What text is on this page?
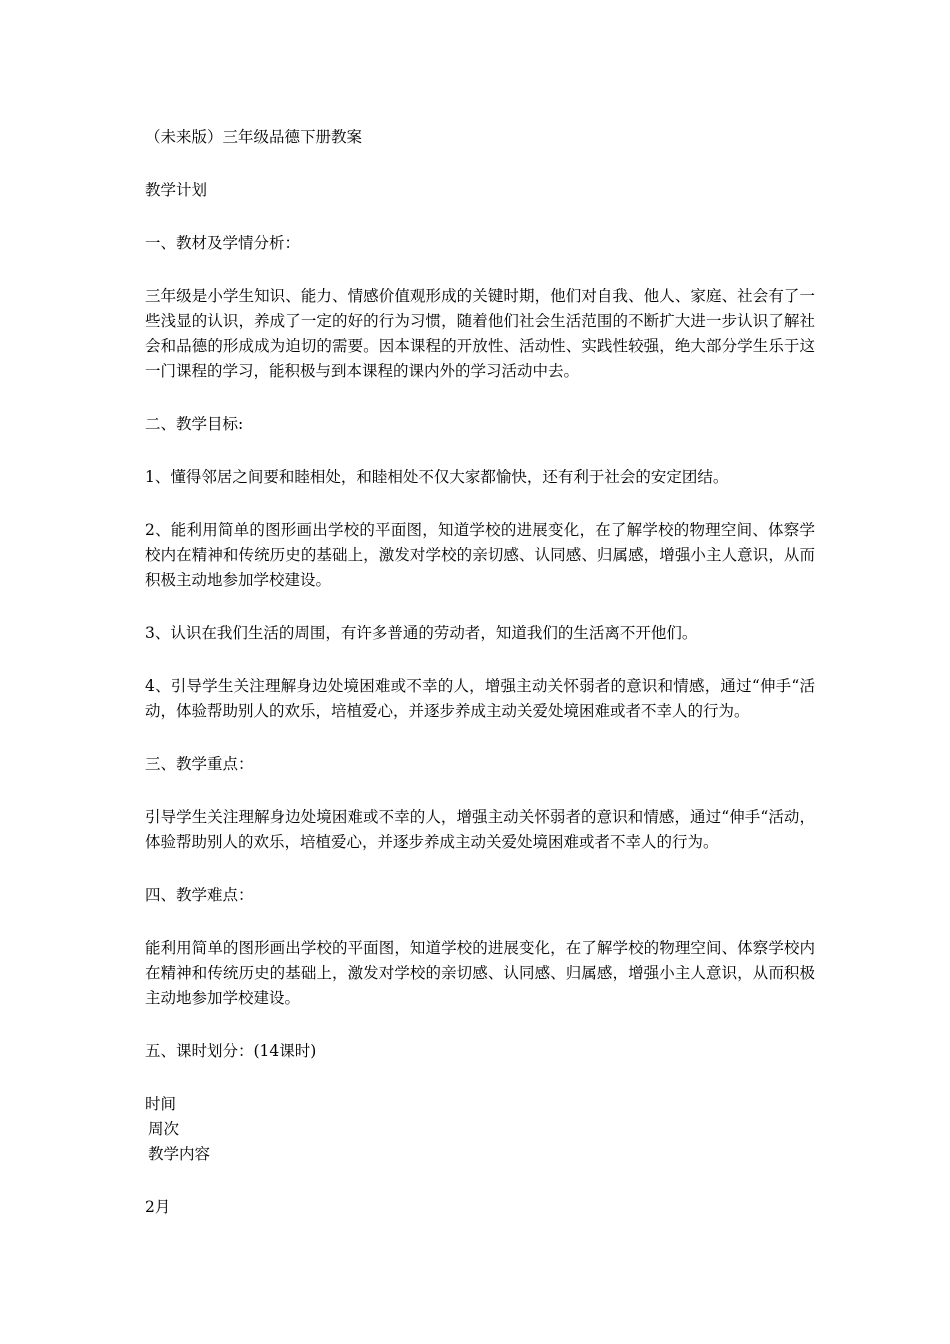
（未来版）三年级品德下册教案
教学计划
一、教材及学情分析：
三年级是小学生知识、能力、情感价值观形成的关键时期，他们对自我、他人、家庭、社会有了一些浅显的认识，养成了一定的好的行为习惯，随着他们社会生活范围的不断扩大进一步认识了解社会和品德的形成成为迫切的需要。因本课程的开放性、活动性、实践性较强，绝大部分学生乐于这一门课程的学习，能积极与到本课程的课内外的学习活动中去。
二、教学目标:
1、懂得邻居之间要和睦相处，和睦相处不仅大家都愉快，还有利于社会的安定团结。
2、能利用简单的图形画出学校的平面图，知道学校的进展变化，在了解学校的物理空间、体察学校内在精神和传统历史的基础上，激发对学校的亲切感、认同感、归属感，增强小主人意识，从而积极主动地参加学校建设。
3、认识在我们生活的周围，有许多普通的劳动者，知道我们的生活离不开他们。
4、引导学生关注理解身边处境困难或不幸的人，增强主动关怀弱者的意识和情感，通过“伸手“活动，体验帮助别人的欢乐，培植爱心，并逐步养成主动关爱处境困难或者不幸人的行为。
三、教学重点：
引导学生关注理解身边处境困难或不幸的人，增强主动关怀弱者的意识和情感，通过“伸手“活动，体验帮助别人的欢乐，培植爱心，并逐步养成主动关爱处境困难或者不幸人的行为。
四、教学难点：
能利用简单的图形画出学校的平面图，知道学校的进展变化，在了解学校的物理空间、体察学校内在精神和传统历史的基础上，激发对学校的亲切感、认同感、归属感，增强小主人意识，从而积极主动地参加学校建设。
五、课时划分：(14课时)
时间
周次
教学内容
2月
